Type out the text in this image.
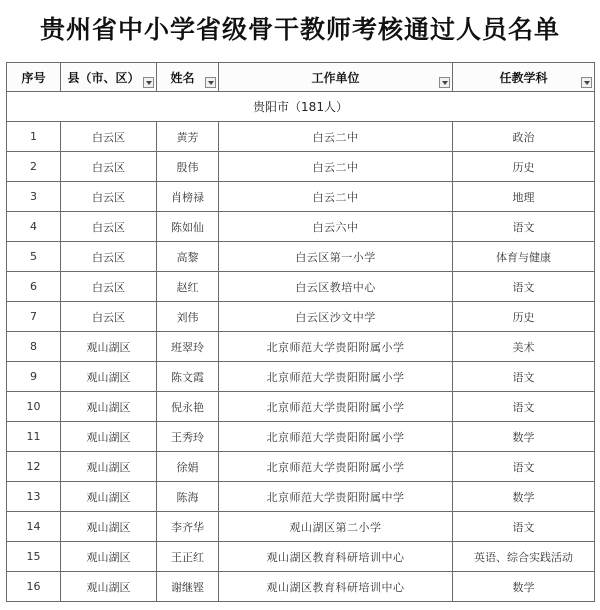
贵州省中小学省级骨干教师考核通过人员名单
序号	县（市、区）	姓名	工作单位	任教学科

贵阳市（181人）				
1	白云区	黄芳	白云二中	政治
2	白云区	殷伟	白云二中	历史
3	白云区	肖榜禄	白云二中	地理
4	白云区	陈如仙	白云六中	语文
5	白云区	高黎	白云区第一小学	体育与健康
6	白云区	赵红	白云区教培中心	语文
7	白云区	刘伟	白云区沙文中学	历史
8	观山湖区	班翠玲	北京师范大学贵阳附属小学	美术
9	观山湖区	陈文霞	北京师范大学贵阳附属小学	语文
10	观山湖区	倪永艳	北京师范大学贵阳附属小学	语文
11	观山湖区	王秀玲	北京师范大学贵阳附属小学	数学
12	观山湖区	徐娟	北京师范大学贵阳附属小学	语文
13	观山湖区	陈海	北京师范大学贵阳附属中学	数学
14	观山湖区	李齐华	观山湖区第二小学	语文
15	观山湖区	王正红	观山湖区教育科研培训中心	英语、综合实践活动
16	观山湖区	谢继铿	观山湖区教育科研培训中心	数学
